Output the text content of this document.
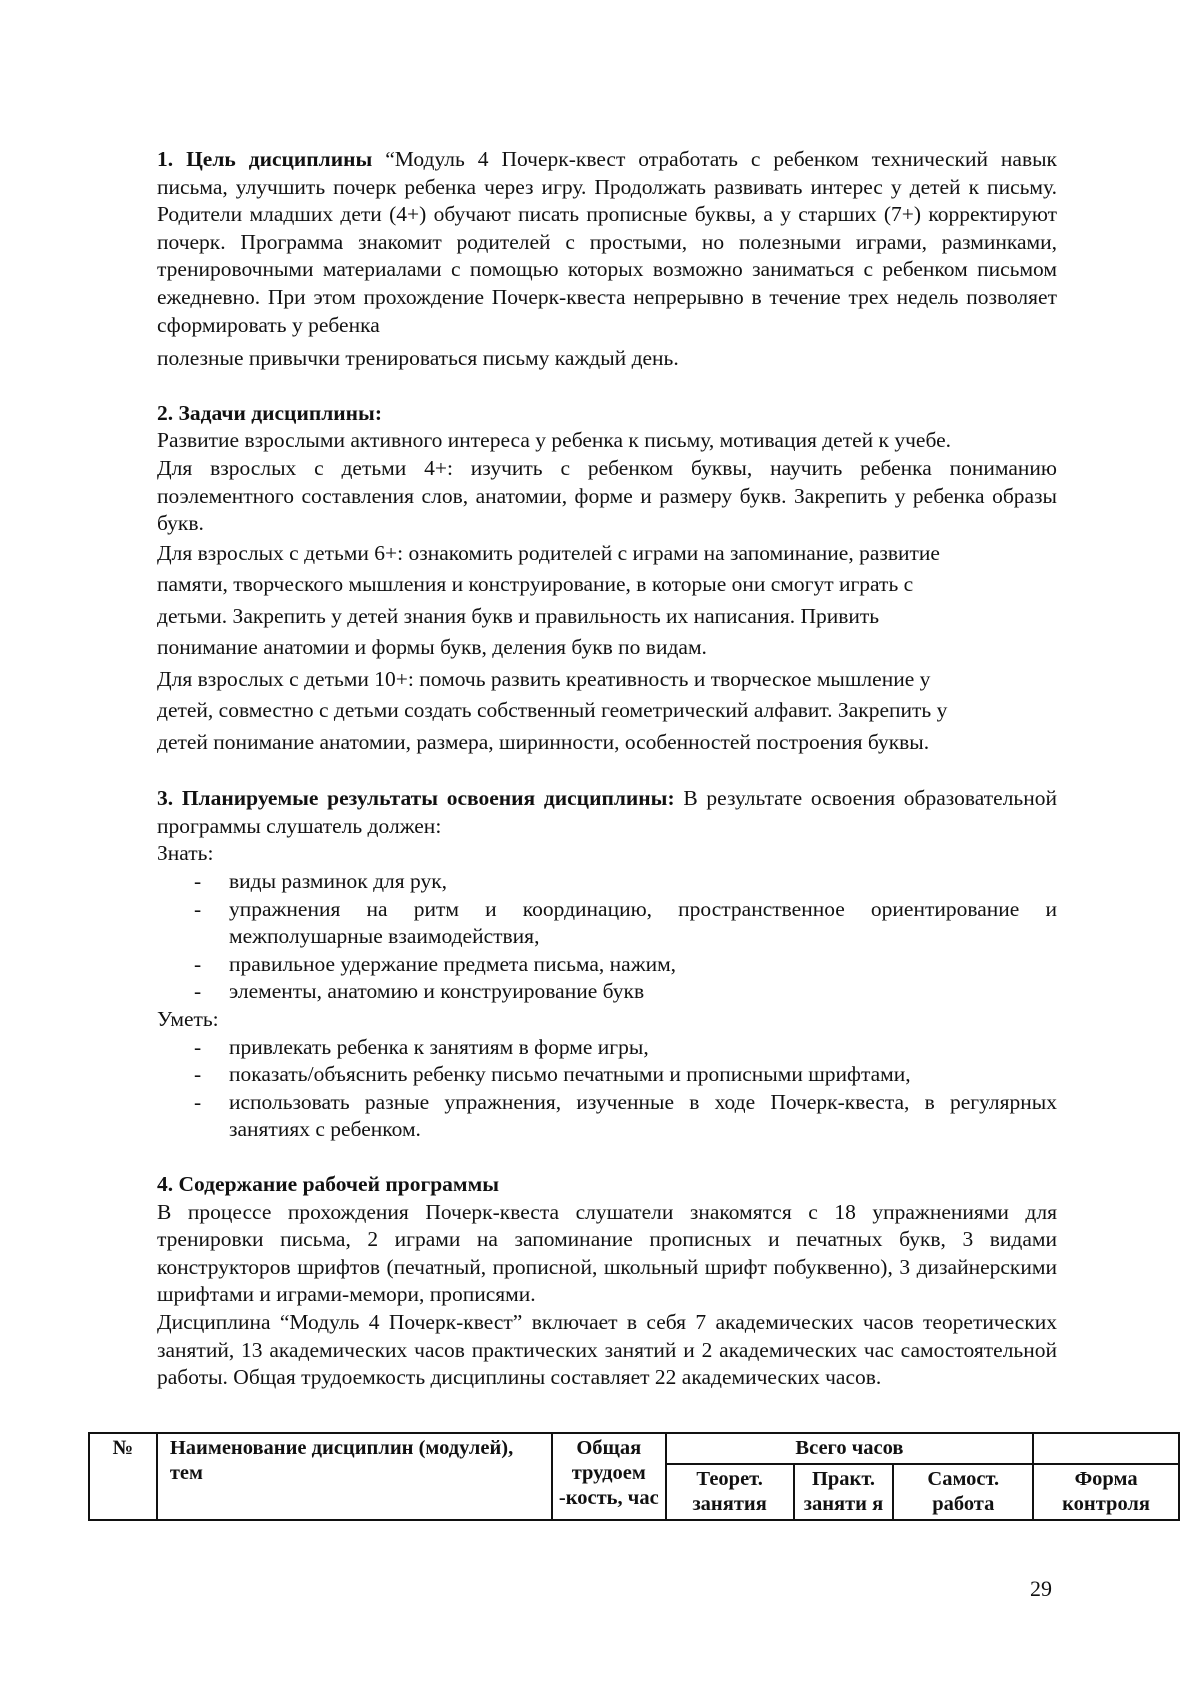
1. Цель дисциплины “Модуль 4 Почерк-квест отработать с ребенком технический навык письма, улучшить почерк ребенка через игру. Продолжать развивать интерес у детей к письму. Родители младших дети (4+) обучают писать прописные буквы, а у старших (7+) корректируют почерк. Программа знакомит родителей с простыми, но полезными играми, разминками, тренировочными материалами с помощью которых возможно заниматься с ребенком письмом ежедневно. При этом прохождение Почерк-квеста непрерывно в течение трех недель позволяет сформировать у ребенка

полезные привычки тренироваться письму каждый день.

2. Задачи дисциплины:

Развитие взрослыми активного интереса у ребенка к письму, мотивация детей к учебе.

Для взрослых с детьми 4+: изучить с ребенком буквы, научить ребенка пониманию поэлементного составления слов, анатомии, форме и размеру букв. Закрепить у ребенка образы букв.

Для взрослых с детьми 6+: ознакомить родителей с играми на запоминание, развитие
памяти, творческого мышления и конструирование, в которые они смогут играть с
детьми. Закрепить у детей знания букв и правильность их написания. Привить
понимание анатомии и формы букв, деления букв по видам.
Для взрослых с детьми 10+: помочь развить креативность и творческое мышление у
детей, совместно с детьми создать собственный геометрический алфавит. Закрепить у
детей понимание анатомии, размера, ширинности, особенностей построения буквы.

3. Планируемые результаты освоения дисциплины: В результате освоения образовательной программы слушатель должен:

Знать:

- виды разминок для рук,
- упражнения на ритм и координацию, пространственное ориентирование и межполушарные взаимодействия,
- правильное удержание предмета письма, нажим,
- элементы, анатомию и конструирование букв

Уметь:

- привлекать ребенка к занятиям в форме игры,
- показать/объяснить ребенку письмо печатными и прописными шрифтами,
- использовать разные упражнения, изученные в ходе Почерк-квеста, в регулярных занятиях с ребенком.

4. Содержание рабочей программы

В процессе прохождения Почерк-квеста слушатели знакомятся с 18 упражнениями для тренировки письма, 2 играми на запоминание прописных и печатных букв, 3 видами конструкторов шрифтов (печатный, прописной, школьный шрифт побуквенно), 3 дизайнерскими шрифтами и играми-мемори, прописями.

Дисциплина “Модуль 4 Почерк-квест” включает в себя 7 академических часов теоретических занятий, 13 академических часов практических занятий и 2 академических час самостоятельной работы. Общая трудоемкость дисциплины составляет 22 академических часов.

№	Наименование дисциплин (модулей), тем	Общая трудоем -кость, час	Всего часов			
			Теорет. занятия	Практ. заняти я	Самост. работа	Форма контроля
29
